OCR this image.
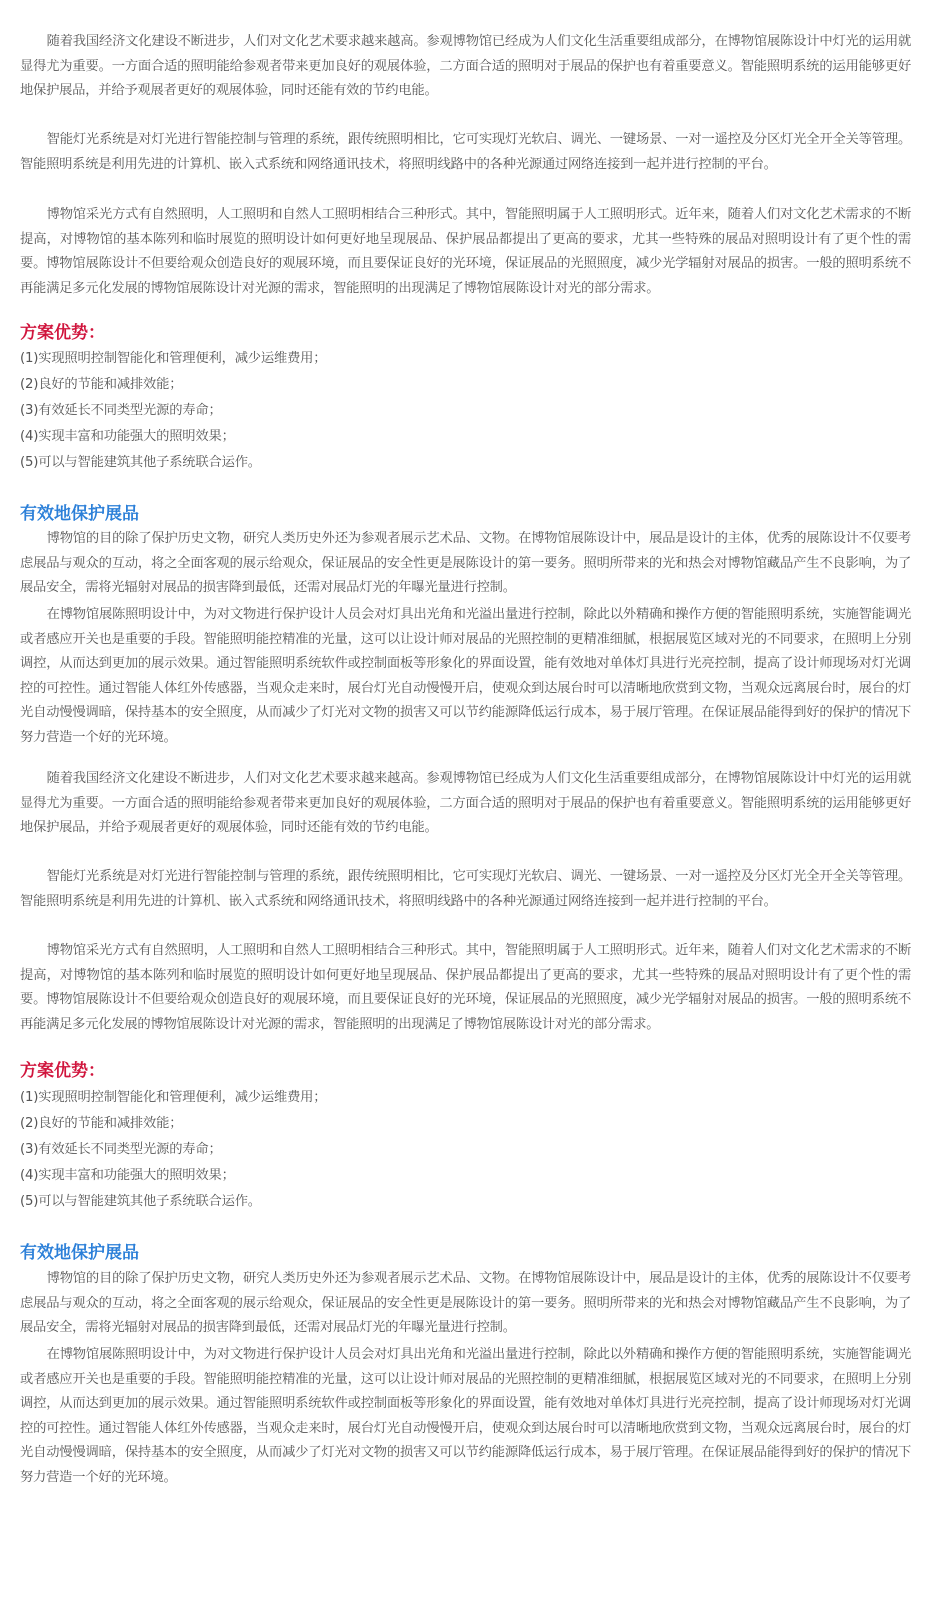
随着我国经济文化建设不断进步，人们对文化艺术要求越来越高。参观博物馆已经成为人们文化生活重要组成部分，在博物馆展陈设计中灯光的运用就显得尤为重要。一方面合适的照明能给参观者带来更加良好的观展体验，二方面合适的照明对于展品的保护也有着重要意义。智能照明系统的运用能够更好地保护展品，并给予观展者更好的观展体验，同时还能有效的节约电能。

智能灯光系统是对灯光进行智能控制与管理的系统，跟传统照明相比，它可实现灯光软启、调光、一键场景、一对一遥控及分区灯光全开全关等管理。智能照明系统是利用先进的计算机、嵌入式系统和网络通讯技术，将照明线路中的各种光源通过网络连接到一起并进行控制的平台。

博物馆采光方式有自然照明，人工照明和自然人工照明相结合三种形式。其中，智能照明属于人工照明形式。近年来，随着人们对文化艺术需求的不断提高，对博物馆的基本陈列和临时展览的照明设计如何更好地呈现展品、保护展品都提出了更高的要求，尤其一些特殊的展品对照明设计有了更个性的需要。博物馆展陈设计不但要给观众创造良好的观展环境，而且要保证良好的光环境，保证展品的光照照度，减少光学辐射对展品的损害。一般的照明系统不再能满足多元化发展的博物馆展陈设计对光源的需求，智能照明的出现满足了博物馆展陈设计对光的部分需求。

方案优势：
(1)实现照明控制智能化和管理便利，减少运维费用；
(2)良好的节能和减排效能；
(3)有效延长不同类型光源的寿命；
(4)实现丰富和功能强大的照明效果；
(5)可以与智能建筑其他子系统联合运作。
有效地保护展品

博物馆的目的除了保护历史文物，研究人类历史外还为参观者展示艺术品、文物。在博物馆展陈设计中，展品是设计的主体，优秀的展陈设计不仅要考虑展品与观众的互动，将之全面客观的展示给观众，保证展品的安全性更是展陈设计的第一要务。照明所带来的光和热会对博物馆藏品产生不良影响，为了展品安全，需将光辐射对展品的损害降到最低，还需对展品灯光的年曝光量进行控制。

在博物馆展陈照明设计中，为对文物进行保护设计人员会对灯具出光角和光溢出量进行控制，除此以外精确和操作方便的智能照明系统，实施智能调光或者感应开关也是重要的手段。智能照明能控精准的光量，这可以让设计师对展品的光照控制的更精准细腻，根据展览区域对光的不同要求，在照明上分别调控，从而达到更加的展示效果。通过智能照明系统软件或控制面板等形象化的界面设置，能有效地对单体灯具进行光亮控制，提高了设计师现场对灯光调控的可控性。通过智能人体红外传感器，当观众走来时，展台灯光自动慢慢开启，使观众到达展台时可以清晰地欣赏到文物，当观众远离展台时，展台的灯光自动慢慢调暗，保持基本的安全照度，从而减少了灯光对文物的损害又可以节约能源降低运行成本，易于展厅管理。在保证展品能得到好的保护的情况下努力营造一个好的光环境。

随着我国经济文化建设不断进步，人们对文化艺术要求越来越高。参观博物馆已经成为人们文化生活重要组成部分，在博物馆展陈设计中灯光的运用就显得尤为重要。一方面合适的照明能给参观者带来更加良好的观展体验，二方面合适的照明对于展品的保护也有着重要意义。智能照明系统的运用能够更好地保护展品，并给予观展者更好的观展体验，同时还能有效的节约电能。

智能灯光系统是对灯光进行智能控制与管理的系统，跟传统照明相比，它可实现灯光软启、调光、一键场景、一对一遥控及分区灯光全开全关等管理。智能照明系统是利用先进的计算机、嵌入式系统和网络通讯技术，将照明线路中的各种光源通过网络连接到一起并进行控制的平台。

博物馆采光方式有自然照明，人工照明和自然人工照明相结合三种形式。其中，智能照明属于人工照明形式。近年来，随着人们对文化艺术需求的不断提高，对博物馆的基本陈列和临时展览的照明设计如何更好地呈现展品、保护展品都提出了更高的要求，尤其一些特殊的展品对照明设计有了更个性的需要。博物馆展陈设计不但要给观众创造良好的观展环境，而且要保证良好的光环境，保证展品的光照照度，减少光学辐射对展品的损害。一般的照明系统不再能满足多元化发展的博物馆展陈设计对光源的需求，智能照明的出现满足了博物馆展陈设计对光的部分需求。

方案优势：
(1)实现照明控制智能化和管理便利，减少运维费用；
(2)良好的节能和减排效能；
(3)有效延长不同类型光源的寿命；
(4)实现丰富和功能强大的照明效果；
(5)可以与智能建筑其他子系统联合运作。
有效地保护展品

博物馆的目的除了保护历史文物，研究人类历史外还为参观者展示艺术品、文物。在博物馆展陈设计中，展品是设计的主体，优秀的展陈设计不仅要考虑展品与观众的互动，将之全面客观的展示给观众，保证展品的安全性更是展陈设计的第一要务。照明所带来的光和热会对博物馆藏品产生不良影响，为了展品安全，需将光辐射对展品的损害降到最低，还需对展品灯光的年曝光量进行控制。

在博物馆展陈照明设计中，为对文物进行保护设计人员会对灯具出光角和光溢出量进行控制，除此以外精确和操作方便的智能照明系统，实施智能调光或者感应开关也是重要的手段。智能照明能控精准的光量，这可以让设计师对展品的光照控制的更精准细腻，根据展览区域对光的不同要求，在照明上分别调控，从而达到更加的展示效果。通过智能照明系统软件或控制面板等形象化的界面设置，能有效地对单体灯具进行光亮控制，提高了设计师现场对灯光调控的可控性。通过智能人体红外传感器，当观众走来时，展台灯光自动慢慢开启，使观众到达展台时可以清晰地欣赏到文物，当观众远离展台时，展台的灯光自动慢慢调暗，保持基本的安全照度，从而减少了灯光对文物的损害又可以节约能源降低运行成本，易于展厅管理。在保证展品能得到好的保护的情况下努力营造一个好的光环境。
